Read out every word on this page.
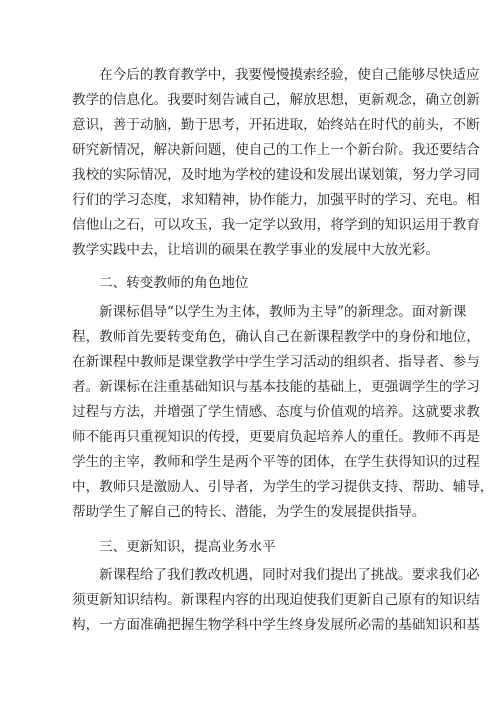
在今后的教育教学中，我要慢慢摸索经验，使自己能够尽快适应
教学的信息化。我要时刻告诫自己，解放思想，更新观念，确立创新
意识，善于动脑，勤于思考，开拓进取，始终站在时代的前头，不断
研究新情况，解决新问题，使自己的工作上一个新台阶。我还要结合
我校的实际情况，及时地为学校的建设和发展出谋划策，努力学习同
行们的学习态度，求知精神，协作能力，加强平时的学习、充电。相
信他山之石，可以攻玉，我一定学以致用，将学到的知识运用于教育
教学实践中去，让培训的硕果在教学事业的发展中大放光彩。
二、转变教师的角色地位
新课标倡导“以学生为主体，教师为主导”的新理念。面对新课
程，教师首先要转变角色，确认自己在新课程教学中的身份和地位，
在新课程中教师是课堂教学中学生学习活动的组织者、指导者、参与
者。新课标在注重基础知识与基本技能的基础上，更强调学生的学习
过程与方法，并增强了学生情感、态度与价值观的培养。这就要求教
师不能再只重视知识的传授，更要肩负起培养人的重任。教师不再是
学生的主宰，教师和学生是两个平等的团体，在学生获得知识的过程
中，教师只是激励人、引导者，为学生的学习提供支持、帮助、辅导，
帮助学生了解自己的特长、潜能，为学生的发展提供指导。
三、更新知识，提高业务水平
新课程给了我们教改机遇，同时对我们提出了挑战。要求我们必
须更新知识结构。新课程内容的出现迫使我们更新自己原有的知识结
构，一方面准确把握生物学科中学生终身发展所必需的基础知识和基
